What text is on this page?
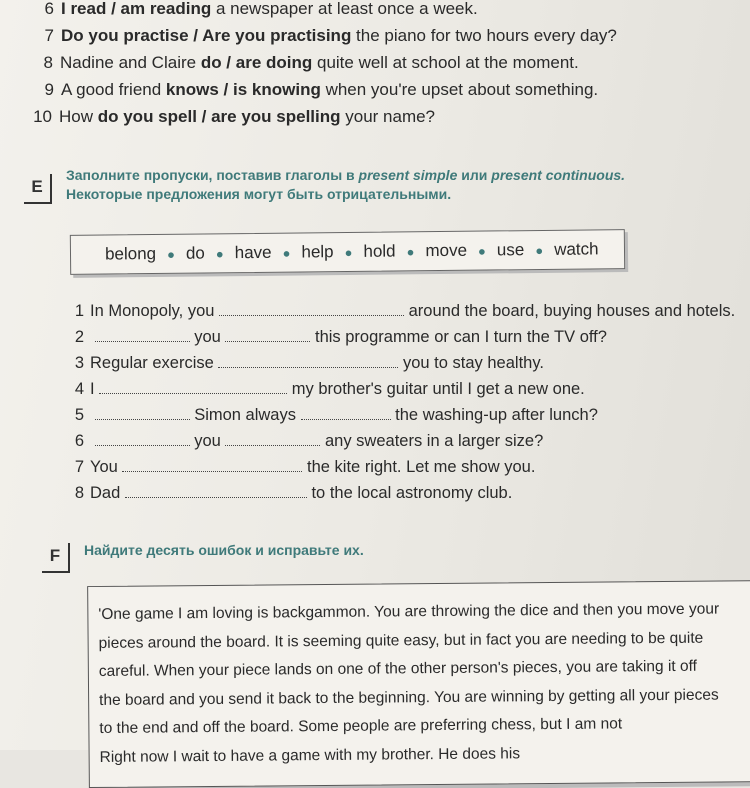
6 I read / am reading a newspaper at least once a week.
7 Do you practise / Are you practising the piano for two hours every day?
8 Nadine and Claire do / are doing quite well at school at the moment.
9 A good friend knows / is knowing when you're upset about something.
10 How do you spell / are you spelling your name?
E
Заполните пропуски, поставив глаголы в present simple или present continuous.
Некоторые предложения могут быть отрицательными.
belong ● do ● have ● help ● hold ● move ● use ● watch
1 In Monopoly, you	around the board, buying houses and hotels.
2	you	this programme or can I turn the TV off?
3 Regular exercise	you to stay healthy.
4 I	my brother's guitar until I get a new one.
5	Simon always	the washing-up after lunch?
6	you	any sweaters in a larger size?
7 You	the kite right. Let me show you.
8 Dad	to the local astronomy club.
F	Найдите десять ошибок и исправьте их.

'One game I am loving is backgammon. You are throwing the dice and then you move your
pieces around the board. It is seeming quite easy, but in fact you are needing to be quite
careful. When your piece lands on one of the other person's pieces, you are taking it off
the board and you send it back to the beginning. You are winning by getting all your pieces
to the end and off the board. Some people are preferring chess, but I am not
Right now I wait to have a game with my brother. He does his
